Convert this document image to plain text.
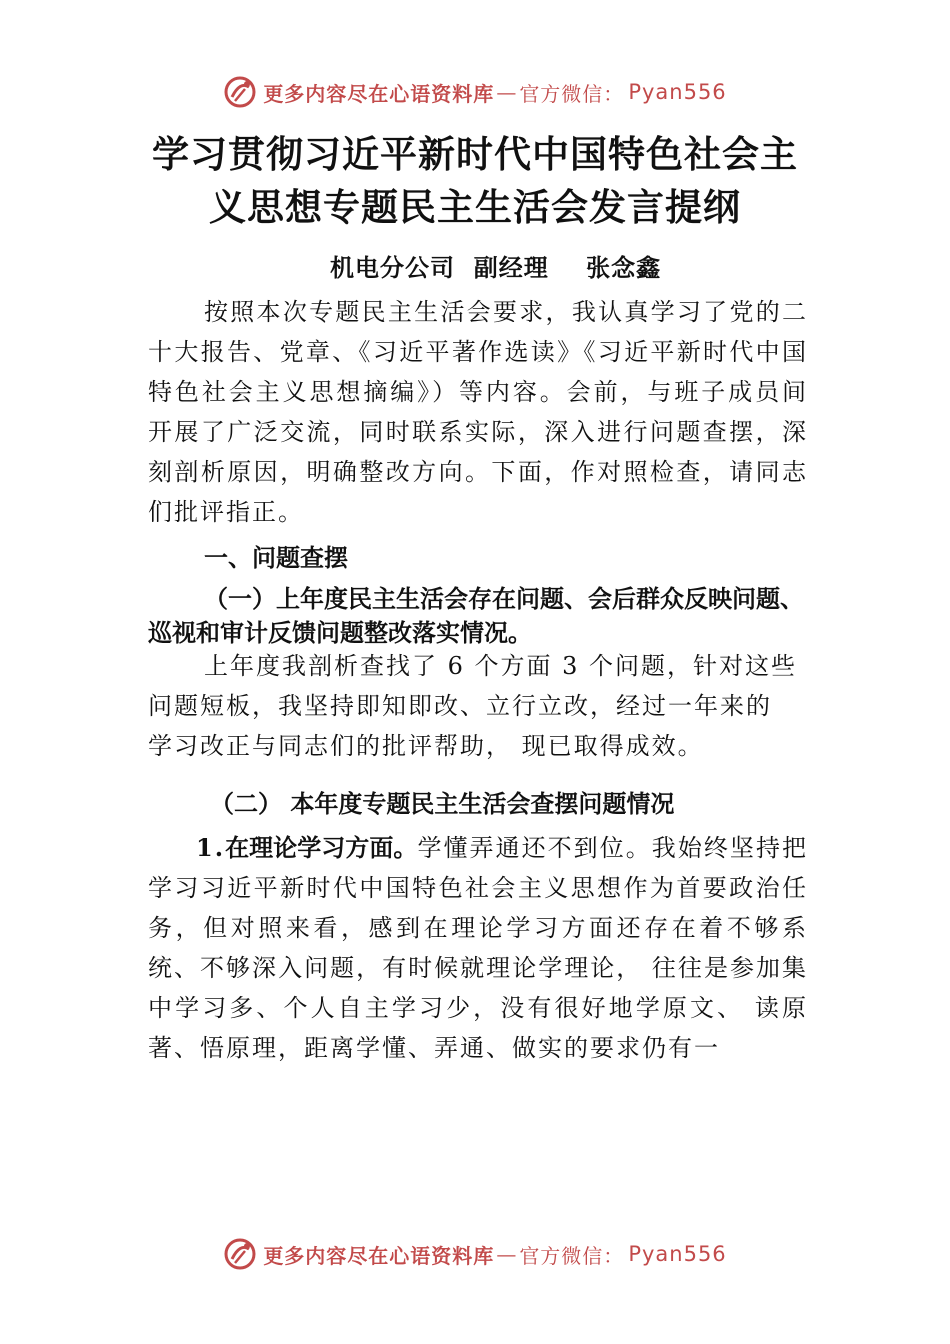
更多内容尽在心语资料库 — 官方微信： Pyan556
学习贯彻习近平新时代中国特色社会主
义思想专题民主生活会发言提纲
机电分公司  副经理    张念鑫

按照本次专题民主生活会要求，我认真学习了党的二十大报告、党章、《习近平著作选读》《习近平新时代中国特色社会主义思想摘编》）等内容。会前，与班子成员间开展了广泛交流，同时联系实际，深入进行问题查摆，深刻剖析原因，明确整改方向。下面，作对照检查，请同志们批评指正。

一、问题查摆
（一）上年度民主生活会存在问题、会后群众反映问题、巡视和审计反馈问题整改落实情况。

上年度我剖析查找了 6 个方面 3 个问题，针对这些
问题短板，我坚持即知即改、立行立改，经过一年来的
学习改正与同志们的批评帮助， 现已取得成效。

（二） 本年度专题民主生活会查摆问题情况

1.在理论学习方面。学懂弄通还不到位。我始终坚持把学习习近平新时代中国特色社会主义思想作为首要政治任务，但对照来看，感到在理论学习方面还存在着不够系统、不够深入问题，有时候就理论学理论， 往往是参加集中学习多、个人自主学习少，没有很好地学原文、 读原著、悟原理，距离学懂、弄通、做实的要求仍有一

更多内容尽在心语资料库 — 官方微信： Pyan556
